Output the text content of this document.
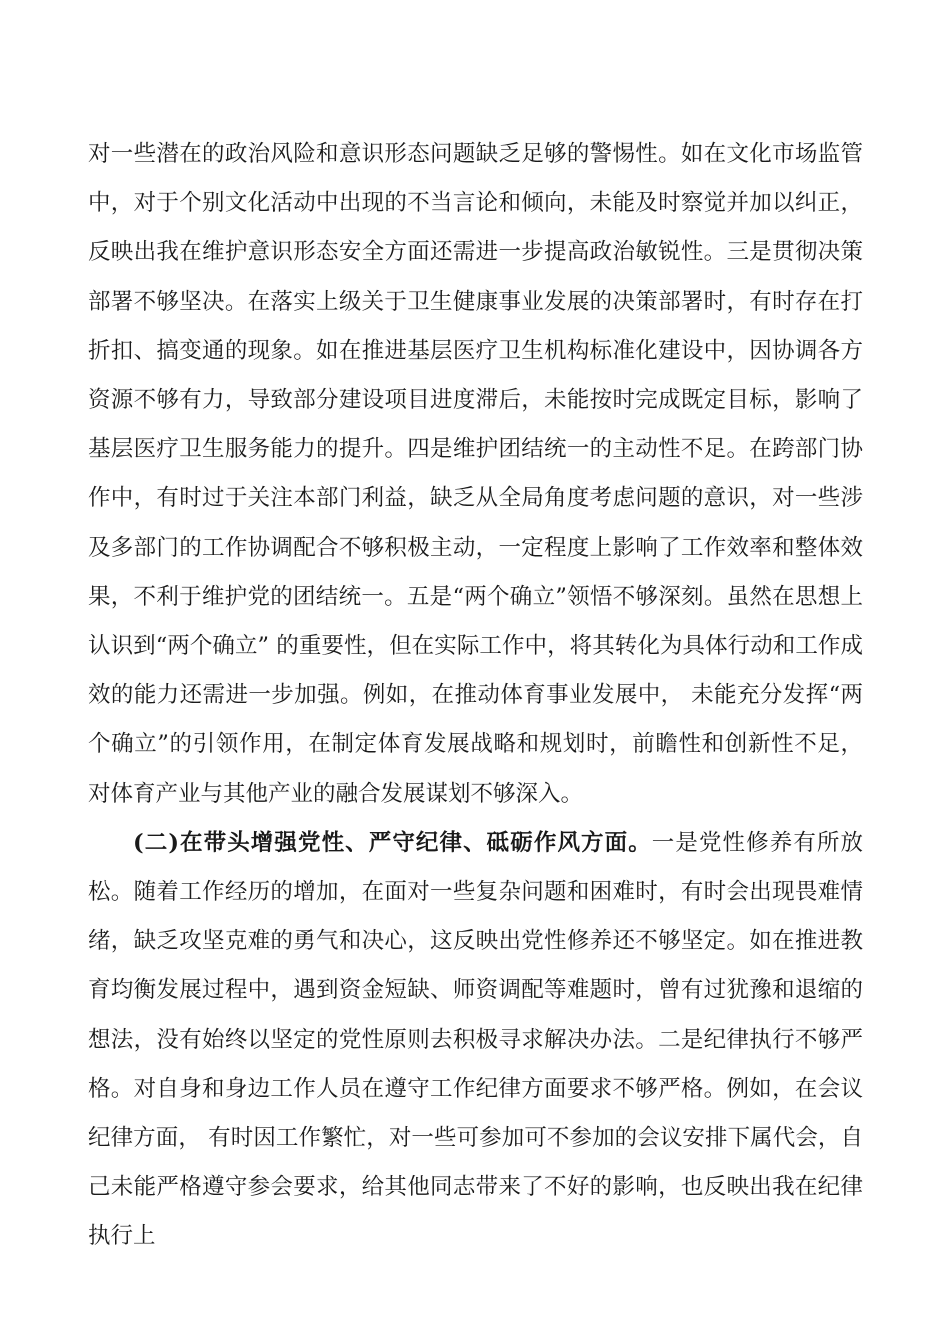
对一些潜在的政治风险和意识形态问题缺乏足够的警惕性。如在文化市场监管中，对于个别文化活动中出现的不当言论和倾向，未能及时察觉并加以纠正，反映出我在维护意识形态安全方面还需进一步提高政治敏锐性。三是贯彻决策部署不够坚决。在落实上级关于卫生健康事业发展的决策部署时，有时存在打折扣、搞变通的现象。如在推进基层医疗卫生机构标准化建设中，因协调各方资源不够有力，导致部分建设项目进度滞后，未能按时完成既定目标，影响了基层医疗卫生服务能力的提升。四是维护团结统一的主动性不足。在跨部门协作中，有时过于关注本部门利益，缺乏从全局角度考虑问题的意识，对一些涉及多部门的工作协调配合不够积极主动，一定程度上影响了工作效率和整体效果，不利于维护党的团结统一。五是“两个确立”领悟不够深刻。虽然在思想上认识到“两个确立” 的重要性，但在实际工作中，将其转化为具体行动和工作成效的能力还需进一步加强。例如，在推动体育事业发展中， 未能充分发挥“两个确立”的引领作用，在制定体育发展战略和规划时，前瞻性和创新性不足，对体育产业与其他产业的融合发展谋划不够深入。

(二)在带头增强党性、严守纪律、砥砺作风方面。一是党性修养有所放松。随着工作经历的增加，在面对一些复杂问题和困难时，有时会出现畏难情绪，缺乏攻坚克难的勇气和决心，这反映出党性修养还不够坚定。如在推进教育均衡发展过程中，遇到资金短缺、师资调配等难题时，曾有过犹豫和退缩的想法，没有始终以坚定的党性原则去积极寻求解决办法。二是纪律执行不够严格。对自身和身边工作人员在遵守工作纪律方面要求不够严格。例如，在会议纪律方面， 有时因工作繁忙，对一些可参加可不参加的会议安排下属代会，自己未能严格遵守参会要求，给其他同志带来了不好的影响，也反映出我在纪律执行上
